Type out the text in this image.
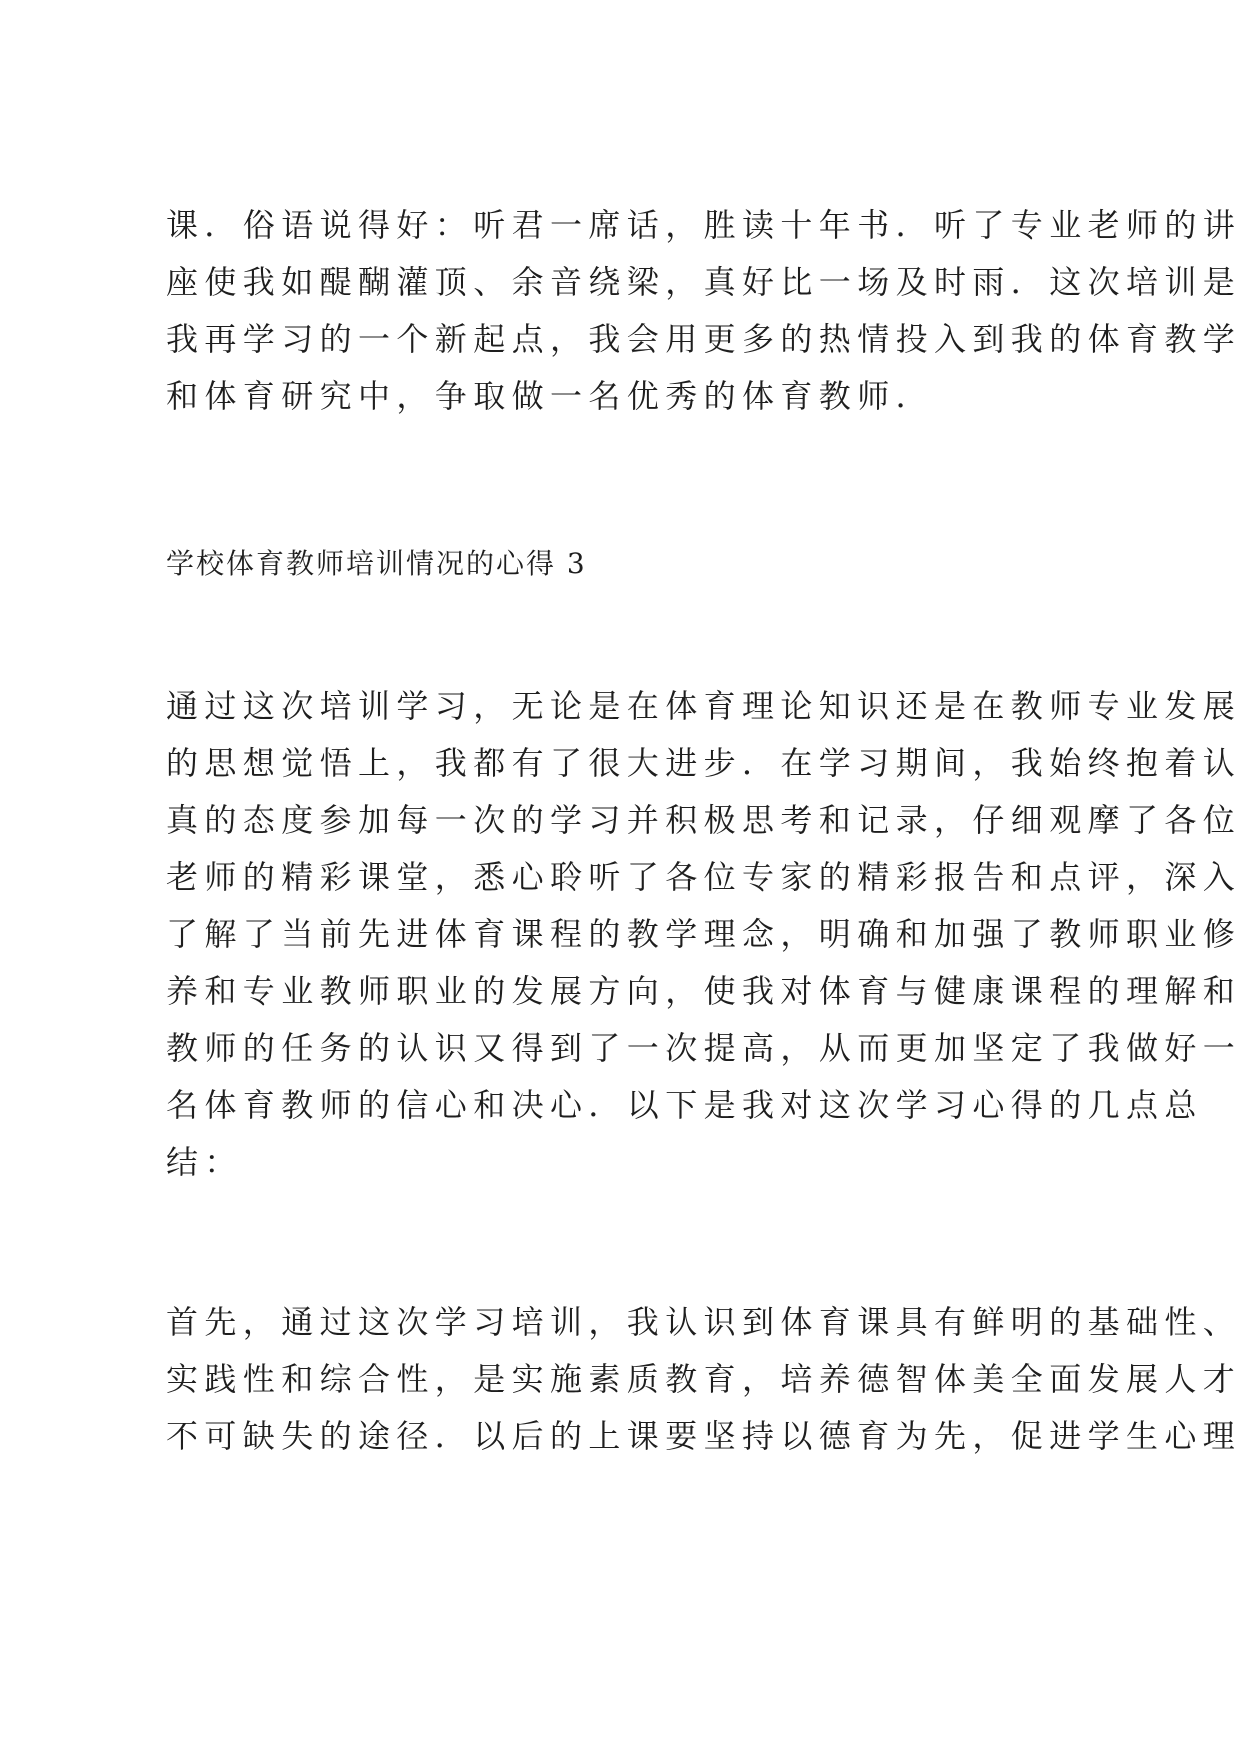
课．俗语说得好：听君一席话，胜读十年书．听了专业老师的讲
座使我如醍醐灌顶、余音绕梁，真好比一场及时雨．这次培训是
我再学习的一个新起点，我会用更多的热情投入到我的体育教学
和体育研究中，争取做一名优秀的体育教师．
学校体育教师培训情况的心得 3
通过这次培训学习，无论是在体育理论知识还是在教师专业发展
的思想觉悟上，我都有了很大进步．在学习期间，我始终抱着认
真的态度参加每一次的学习并积极思考和记录，仔细观摩了各位
老师的精彩课堂，悉心聆听了各位专家的精彩报告和点评，深入
了解了当前先进体育课程的教学理念，明确和加强了教师职业修
养和专业教师职业的发展方向，使我对体育与健康课程的理解和
教师的任务的认识又得到了一次提高，从而更加坚定了我做好一
名体育教师的信心和决心．以下是我对这次学习心得的几点总
结：
首先，通过这次学习培训，我认识到体育课具有鲜明的基础性、
实践性和综合性，是实施素质教育，培养德智体美全面发展人才
不可缺失的途径．以后的上课要坚持以德育为先，促进学生心理
